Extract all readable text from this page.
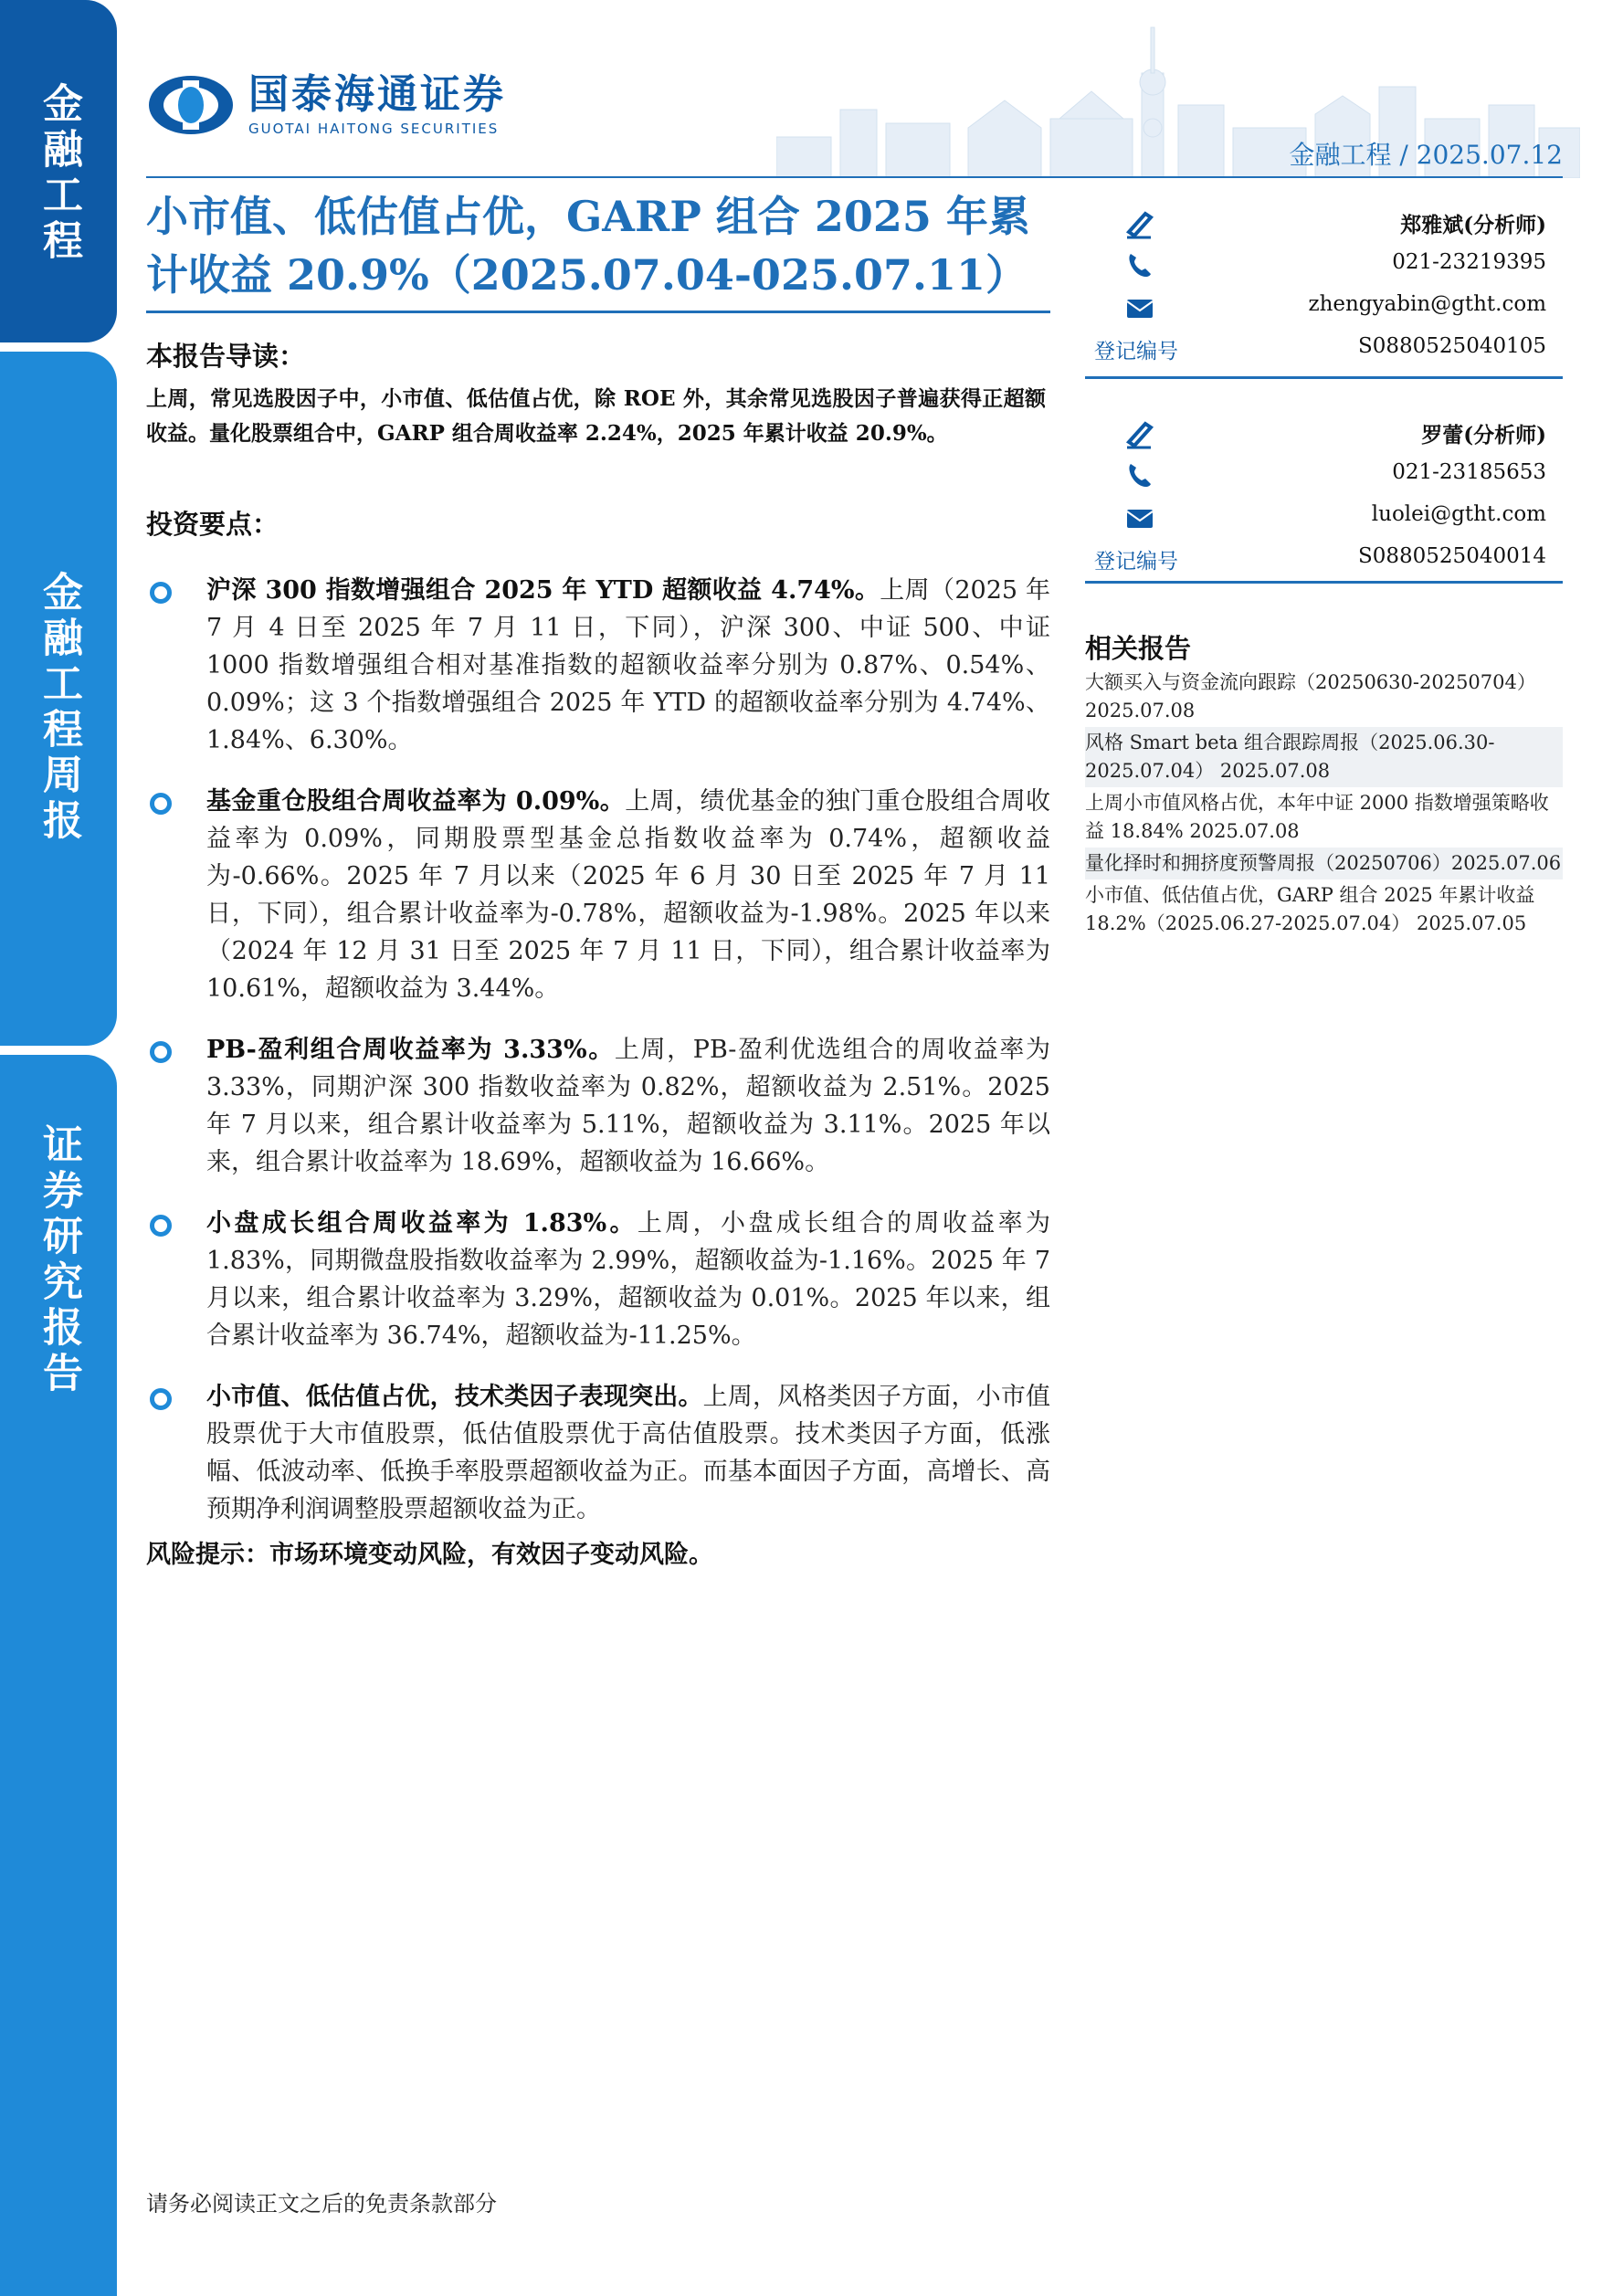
金融工程
金融工程周报
证券研究报告
国泰海通证券
GUOTAI HAITONG SECURITIES
金融工程 / 2025.07.12
小市值、低估值占优，GARP 组合 2025 年累
计收益 20.9%（2025.07.04-025.07.11）
本报告导读：
上周，常见选股因子中，小市值、低估值占优，除 ROE 外，其余常见选股因子普遍获得正超额收益。量化股票组合中，GARP 组合周收益率 2.24%，2025 年累计收益 20.9%。
投资要点：
沪深 300 指数增强组合 2025 年 YTD 超额收益 4.74%。上周（2025 年 7 月 4 日至 2025 年 7 月 11 日，下同），沪深 300、中证 500、中证 1000 指数增强组合相对基准指数的超额收益率分别为 0.87%、0.54%、0.09%；这 3 个指数增强组合 2025 年 YTD 的超额收益率分别为 4.74%、1.84%、6.30%。
基金重仓股组合周收益率为 0.09%。上周，绩优基金的独门重仓股组合周收益率为 0.09%，同期股票型基金总指数收益率为 0.74%，超额收益为-0.66%。2025 年 7 月以来（2025 年 6 月 30 日至 2025 年 7 月 11 日，下同），组合累计收益率为-0.78%，超额收益为-1.98%。2025 年以来（2024 年 12 月 31 日至 2025 年 7 月 11 日，下同），组合累计收益率为 10.61%，超额收益为 3.44%。
PB-盈利组合周收益率为 3.33%。上周，PB-盈利优选组合的周收益率为 3.33%，同期沪深 300 指数收益率为 0.82%，超额收益为 2.51%。2025 年 7 月以来，组合累计收益率为 5.11%，超额收益为 3.11%。2025 年以来，组合累计收益率为 18.69%，超额收益为 16.66%。
小盘成长组合周收益率为 1.83%。上周，小盘成长组合的周收益率为 1.83%，同期微盘股指数收益率为 2.99%，超额收益为-1.16%。2025 年 7 月以来，组合累计收益率为 3.29%，超额收益为 0.01%。2025 年以来，组合累计收益率为 36.74%，超额收益为-11.25%。
小市值、低估值占优，技术类因子表现突出。上周，风格类因子方面，小市值股票优于大市值股票，低估值股票优于高估值股票。技术类因子方面，低涨幅、低波动率、低换手率股票超额收益为正。而基本面因子方面，高增长、高预期净利润调整股票超额收益为正。
风险提示：市场环境变动风险，有效因子变动风险。
请务必阅读正文之后的免责条款部分
郑雅斌(分析师)
021-23219395
zhengyabin@gtht.com
登记编号	S0880525040105
罗蕾(分析师)
021-23185653
luolei@gtht.com
登记编号	S0880525040014
相关报告
大额买入与资金流向跟踪（20250630-20250704）2025.07.08
风格 Smart beta 组合跟踪周报（2025.06.30-2025.07.04） 2025.07.08
上周小市值风格占优，本年中证 2000 指数增强策略收益 18.84% 2025.07.08
量化择时和拥挤度预警周报（20250706）2025.07.06
小市值、低估值占优，GARP 组合 2025 年累计收益 18.2%（2025.06.27-2025.07.04） 2025.07.05
